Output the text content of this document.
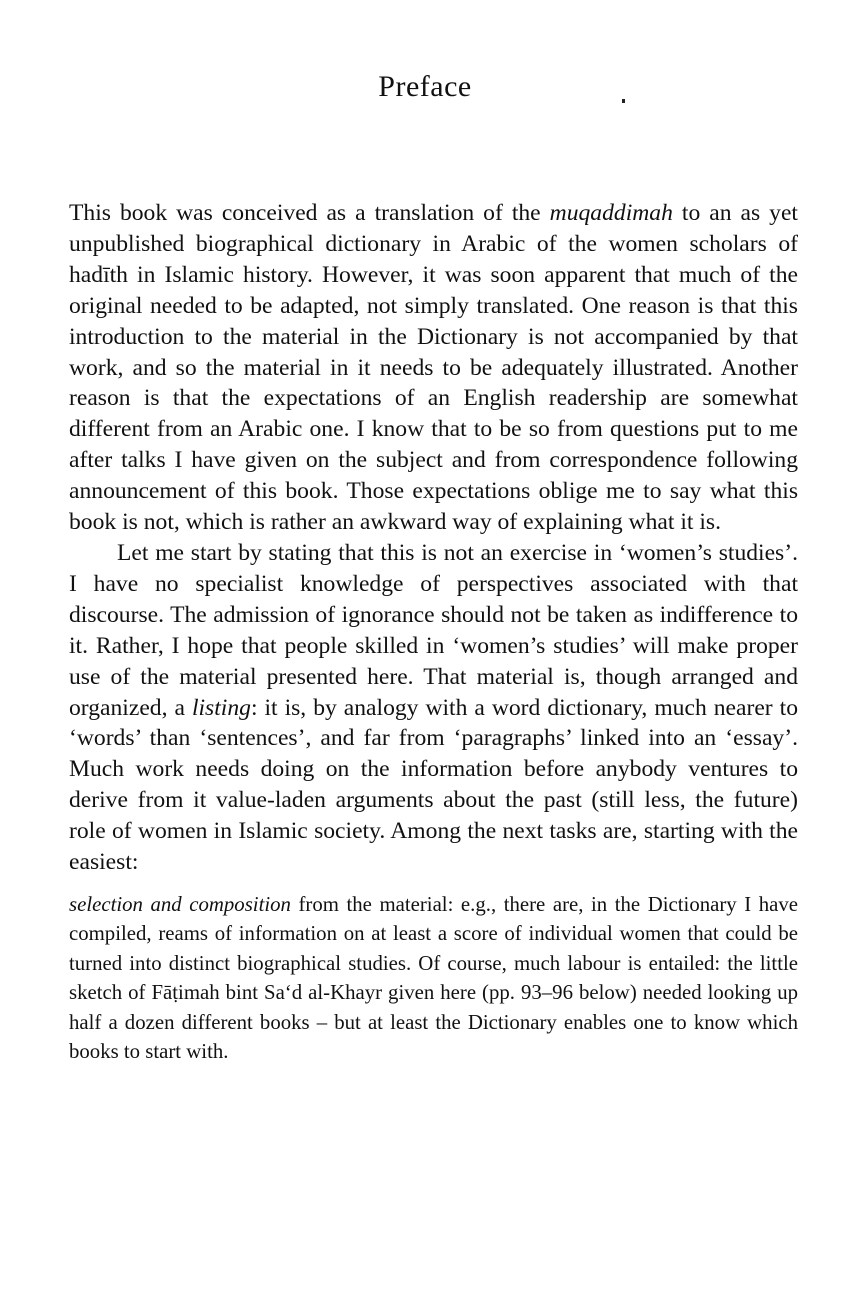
Preface

This book was conceived as a translation of the muqaddimah to an as yet unpublished biographical dictionary in Arabic of the women scholars of hadīth in Islamic history. However, it was soon apparent that much of the original needed to be adapted, not simply translated. One reason is that this introduction to the material in the Dictionary is not accompanied by that work, and so the material in it needs to be adequately illustrated. Another reason is that the expectations of an English readership are somewhat different from an Arabic one. I know that to be so from questions put to me after talks I have given on the subject and from correspondence following announcement of this book. Those expectations oblige me to say what this book is not, which is rather an awkward way of explaining what it is.

Let me start by stating that this is not an exercise in ‘women’s studies’. I have no specialist knowledge of perspectives associated with that discourse. The admission of ignorance should not be taken as indifference to it. Rather, I hope that people skilled in ‘women’s studies’ will make proper use of the material presented here. That material is, though arranged and organized, a listing: it is, by analogy with a word dictionary, much nearer to ‘words’ than ‘sentences’, and far from ‘paragraphs’ linked into an ‘essay’. Much work needs doing on the information before anybody ventures to derive from it value-laden arguments about the past (still less, the future) role of women in Islamic society. Among the next tasks are, starting with the easiest:

selection and composition from the material: e.g., there are, in the Dictionary I have compiled, reams of information on at least a score of individual women that could be turned into distinct biographical studies. Of course, much labour is entailed: the little sketch of Fāṭimah bint Sa‘d al-Khayr given here (pp. 93–96 below) needed looking up half a dozen different books – but at least the Dictionary enables one to know which books to start with.
